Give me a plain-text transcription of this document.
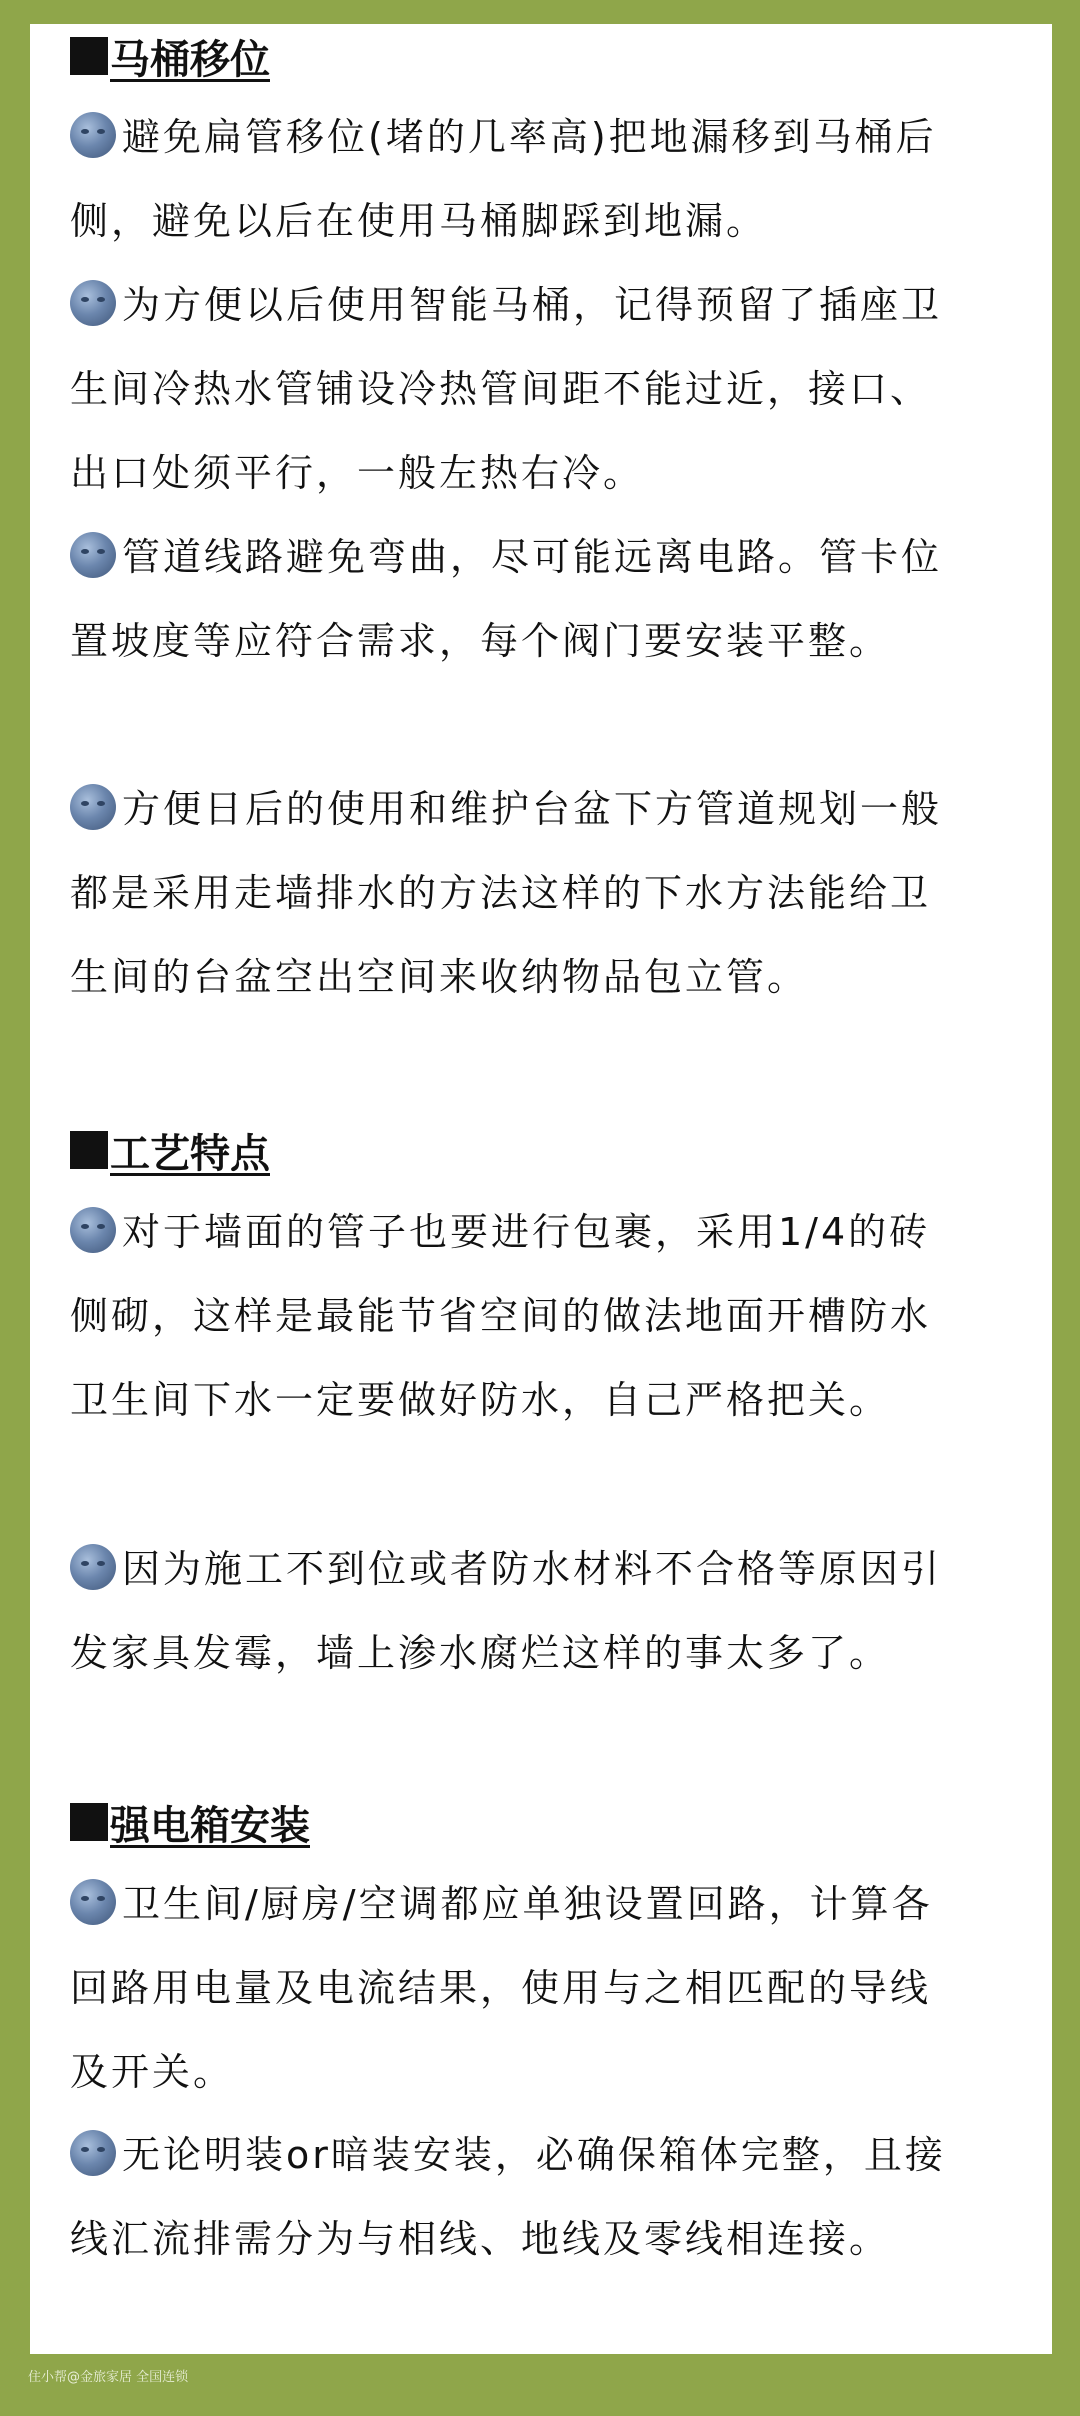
马桶移位
避免扁管移位(堵的几率高)把地漏移到马桶后侧，避免以后在使用马桶脚踩到地漏。
为方便以后使用智能马桶，记得预留了插座卫生间冷热水管铺设冷热管间距不能过近，接口、出口处须平行，一般左热右冷。
管道线路避免弯曲，尽可能远离电路。管卡位置坡度等应符合需求，每个阀门要安装平整。
方便日后的使用和维护台盆下方管道规划一般都是采用走墙排水的方法这样的下水方法能给卫生间的台盆空出空间来收纳物品包立管。
工艺特点
对于墙面的管子也要进行包裹，采用1/4的砖侧砌，这样是最能节省空间的做法地面开槽防水卫生间下水一定要做好防水，自己严格把关。
因为施工不到位或者防水材料不合格等原因引发家具发霉，墙上渗水腐烂这样的事太多了。
强电箱安装
卫生间/厨房/空调都应单独设置回路，计算各回路用电量及电流结果，使用与之相匹配的导线及开关。
无论明装or暗装安装，必确保箱体完整，且接线汇流排需分为与相线、地线及零线相连接。
住小帮@金旅家居 全国连锁
